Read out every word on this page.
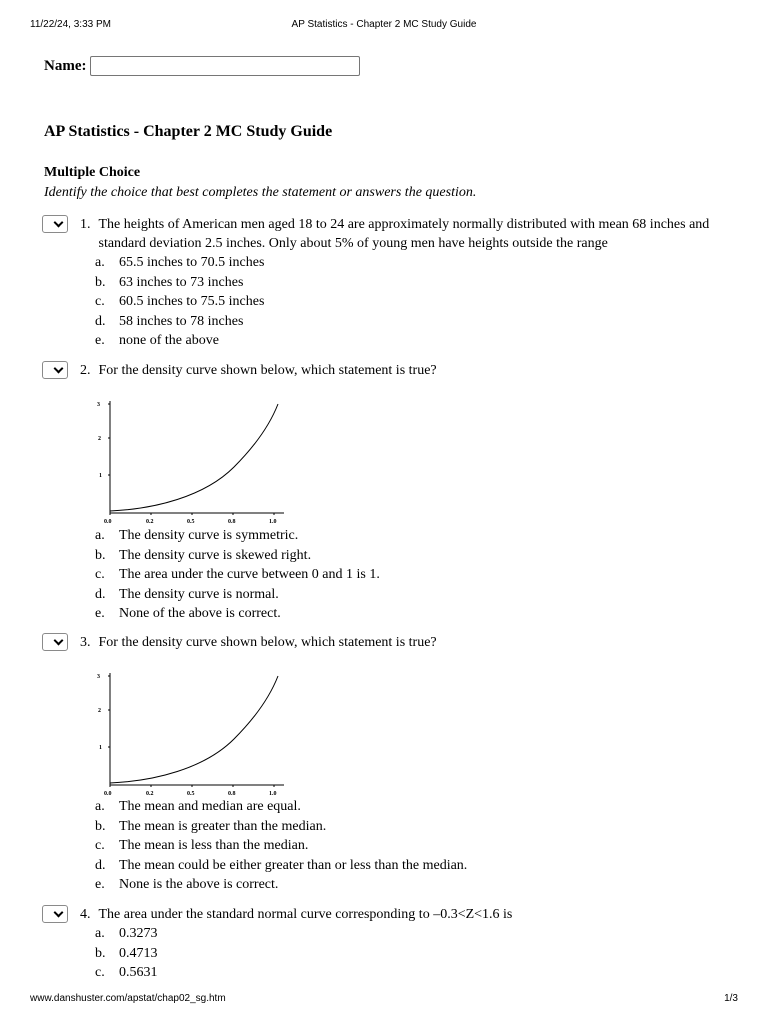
11/22/24, 3:33 PM	AP Statistics - Chapter 2 MC Study Guide
Name:
AP Statistics - Chapter 2 MC Study Guide
Multiple Choice
Identify the choice that best completes the statement or answers the question.
1. The heights of American men aged 18 to 24 are approximately normally distributed with mean 68 inches and standard deviation 2.5 inches. Only about 5% of young men have heights outside the range
a.	65.5 inches to 70.5 inches
b. 63 inches to 73 inches
c.	60.5 inches to 75.5 inches
d. 58 inches to 78 inches
e.	none of the above
2. For the density curve shown below, which statement is true?
3
2
1
0.0	0.2	0.5	0.8	1.0
a.	The density curve is symmetric.
b. The density curve is skewed right.
c.	The area under the curve between 0 and 1 is 1.
d. The density curve is normal.
e.	None of the above is correct.
3. For the density curve shown below, which statement is true?
3
2
1
0.0	0.2	0.5	0.8	1.0
a.	The mean and median are equal.
b. The mean is greater than the median.
c.	The mean is less than the median.
d. The mean could be either greater than or less than the median.
e.	None is the above is correct.
4. The area under the standard normal curve corresponding to –0.3<Z<1.6 is
a.	0.3273
b. 0.4713
c.	0.5631
www.danshuster.com/apstat/chap02_sg.htm	1/3
